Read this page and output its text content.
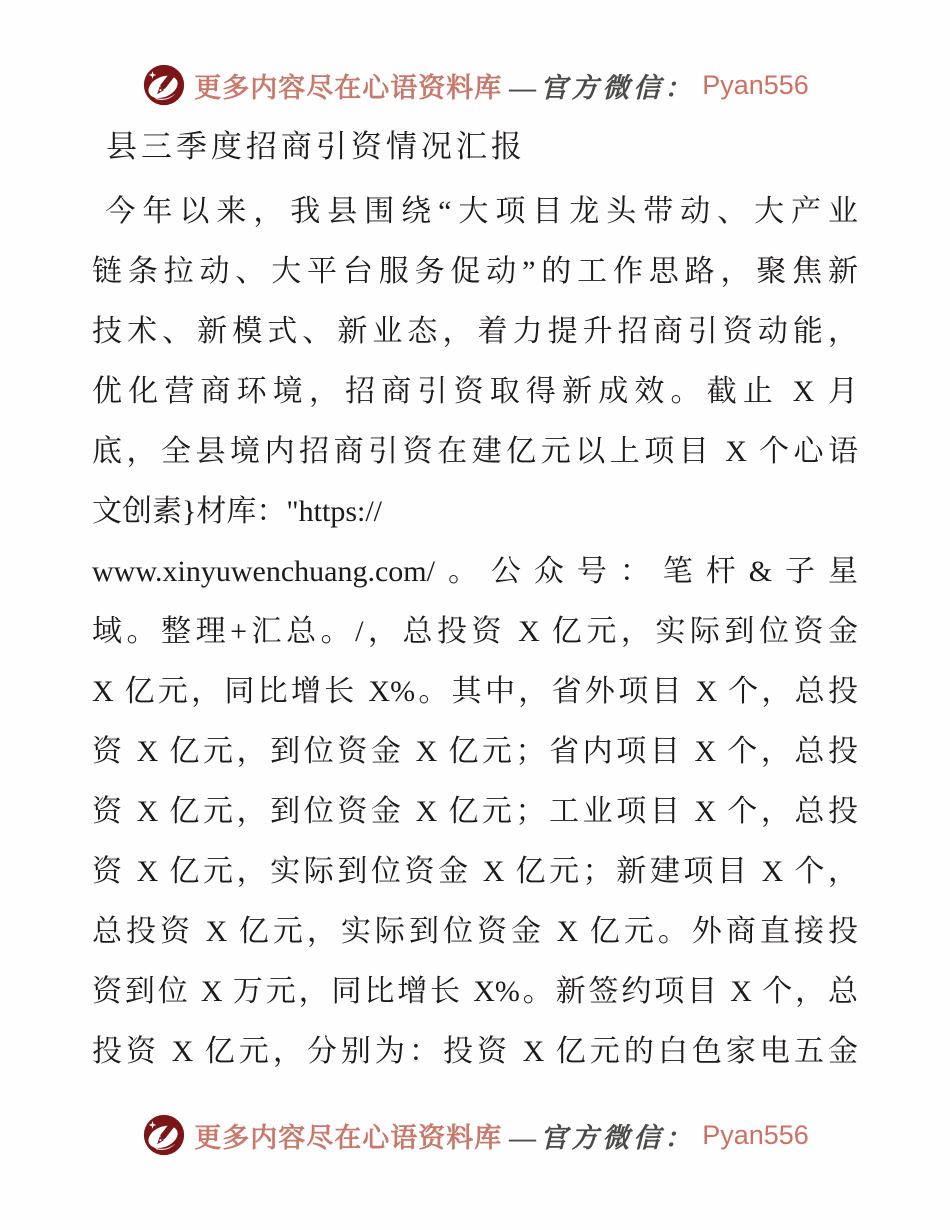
更多内容尽在心语资料库 —官方微信： Pyan556
县三季度招商引资情况汇报
今年以来，我县围绕“大项目龙头带动、大产业
链条拉动、大平台服务促动”的工作思路，聚焦新
技术、新模式、新业态，着力提升招商引资动能，
优化营商环境，招商引资取得新成效。截止 X 月
底，全县境内招商引资在建亿元以上项目 X 个心语
文创素}材库："https://
www.xinyuwenchuang.com/。公众号：笔杆&子星
域。整理+汇总。/，总投资 X 亿元，实际到位资金
X 亿元，同比增长 X%。其中，省外项目 X 个，总投
资 X 亿元，到位资金 X 亿元；省内项目 X 个，总投
资 X 亿元，到位资金 X 亿元；工业项目 X 个，总投
资 X 亿元，实际到位资金 X 亿元；新建项目 X 个，
总投资 X 亿元，实际到位资金 X 亿元。外商直接投
资到位 X 万元，同比增长 X%。新签约项目 X 个，总
投资 X 亿元，分别为：投资 X 亿元的白色家电五金
更多内容尽在心语资料库 —官方微信： Pyan556
